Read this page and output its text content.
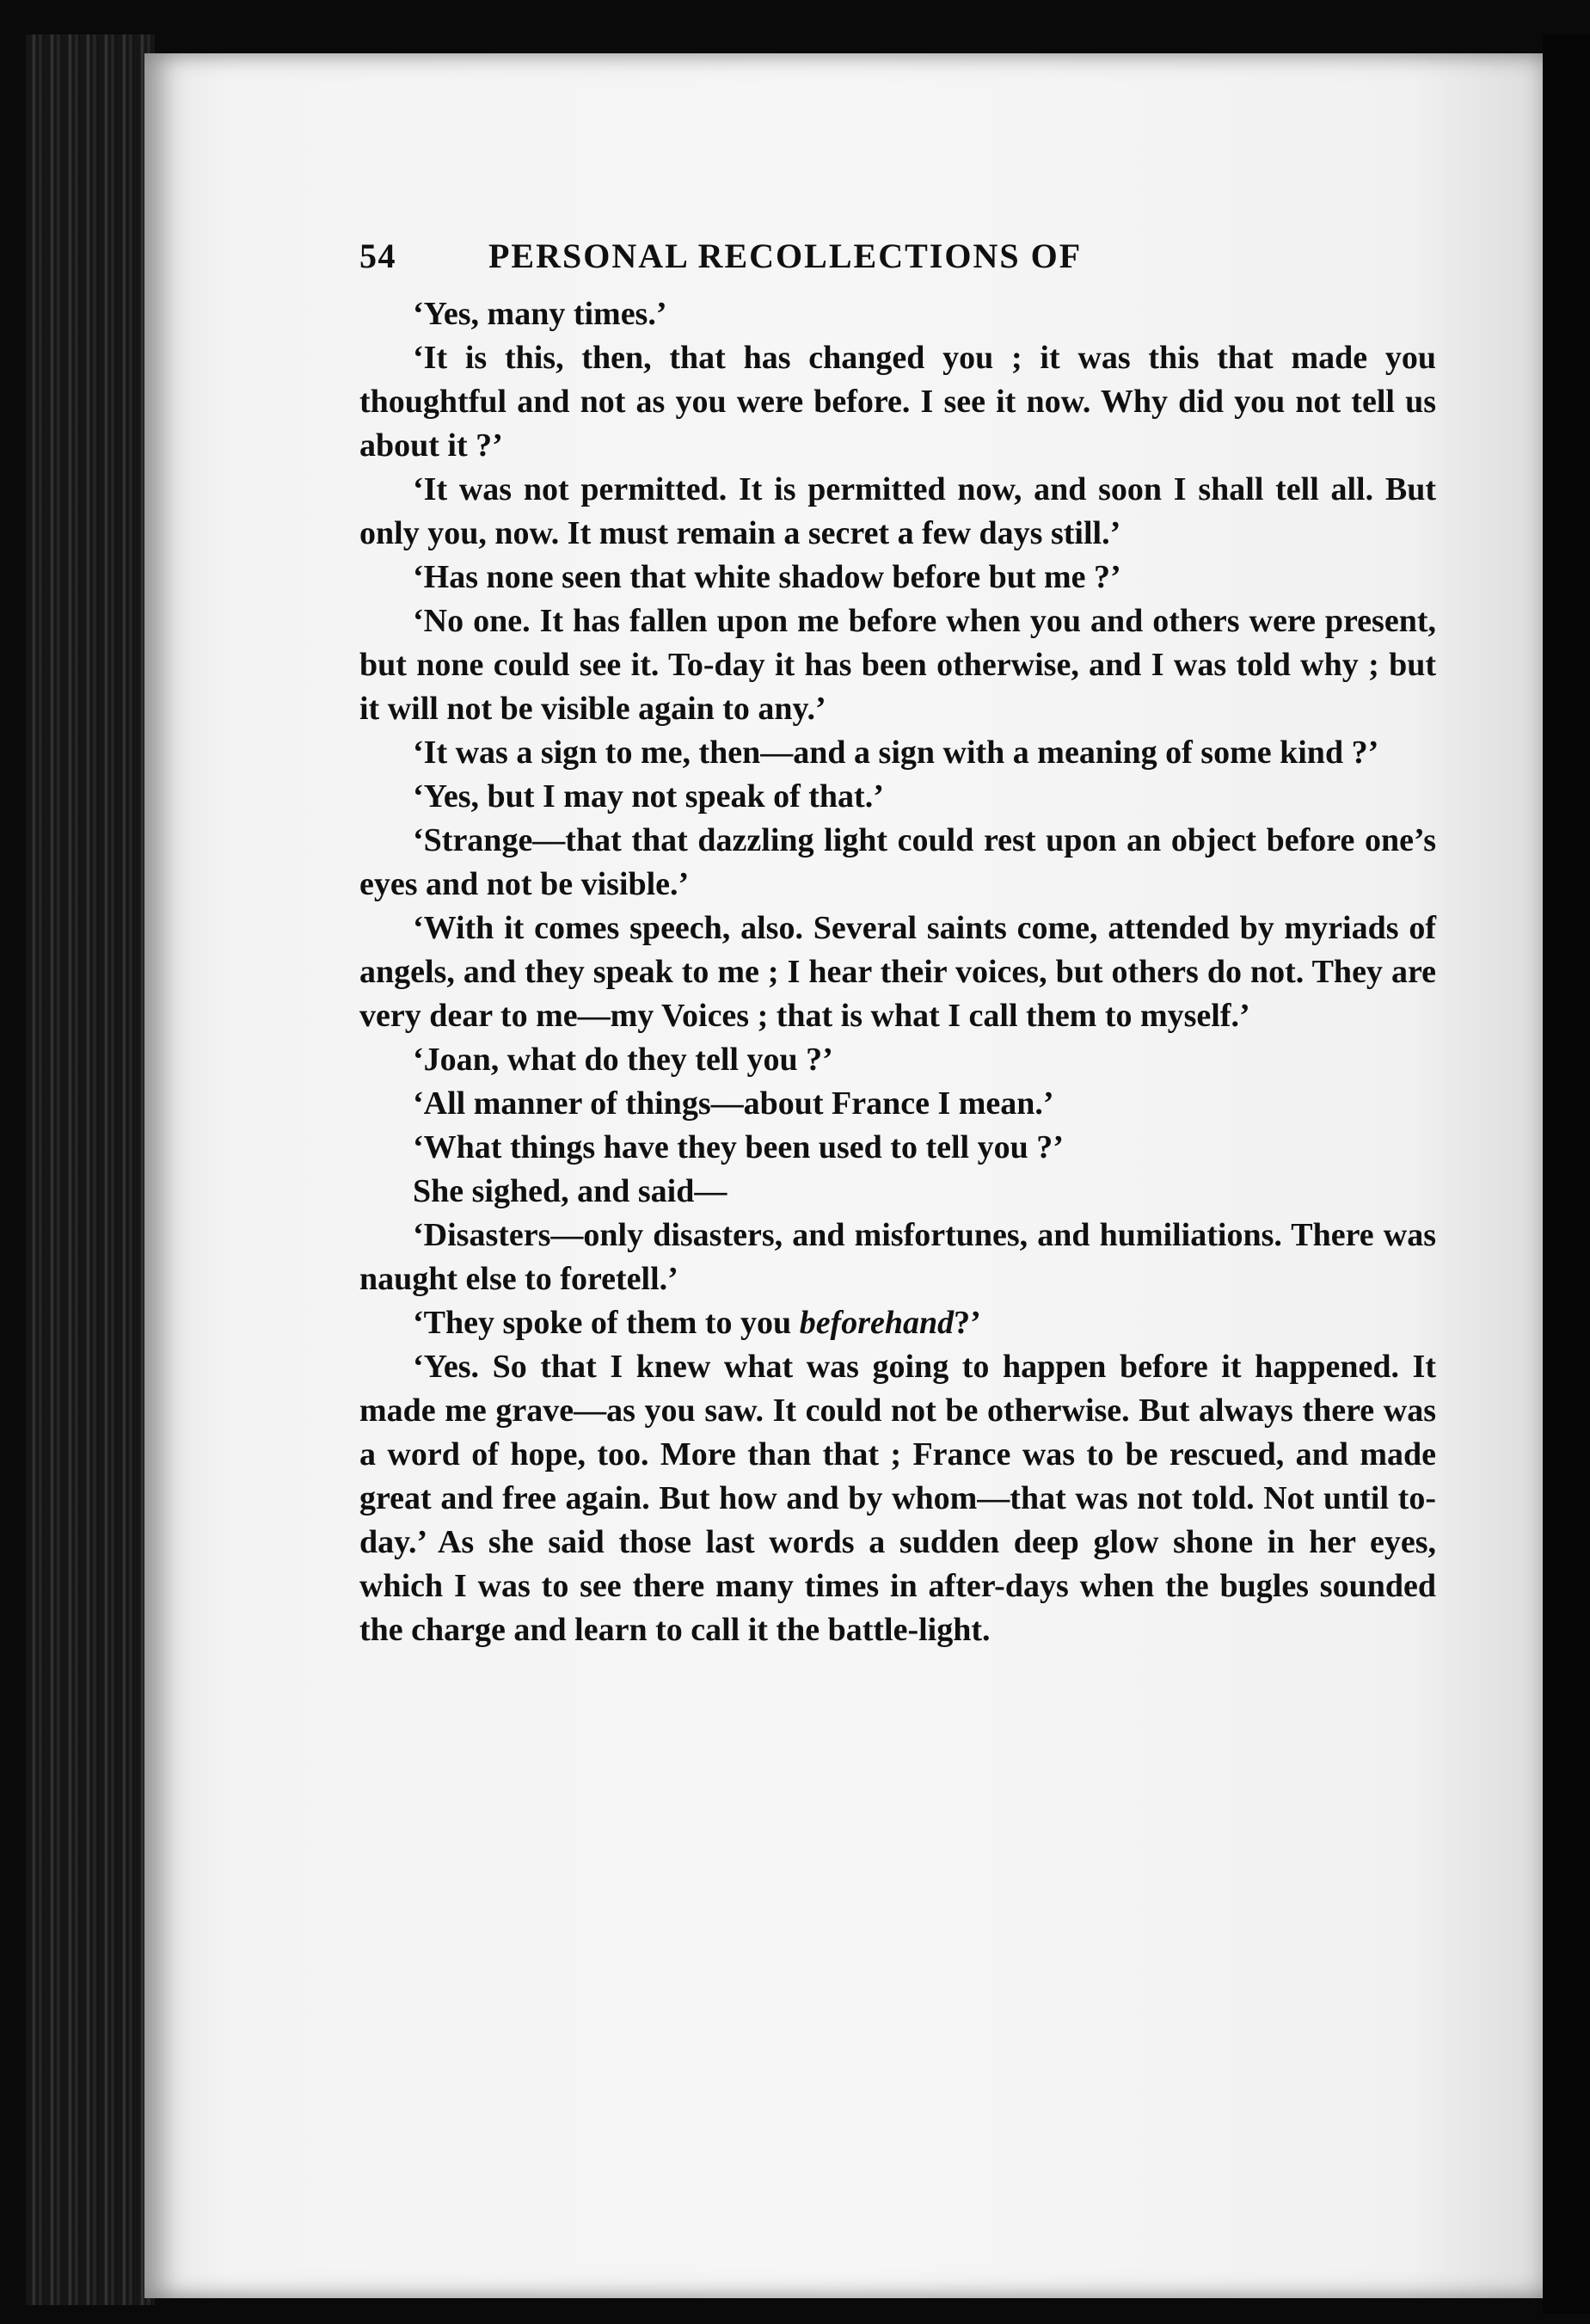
54	PERSONAL RECOLLECTIONS OF

‘Yes, many times.’

‘It is this, then, that has changed you ; it was this that made you thoughtful and not as you were before. I see it now. Why did you not tell us about it ?’

‘It was not permitted. It is permitted now, and soon I shall tell all. But only you, now. It must remain a secret a few days still.’

‘Has none seen that white shadow before but me ?’

‘No one. It has fallen upon me before when you and others were present, but none could see it. To-day it has been otherwise, and I was told why ; but it will not be visible again to any.’

‘It was a sign to me, then—and a sign with a meaning of some kind ?’

‘Yes, but I may not speak of that.’

‘Strange—that that dazzling light could rest upon an object before one’s eyes and not be visible.’

‘With it comes speech, also. Several saints come, attended by myriads of angels, and they speak to me ; I hear their voices, but others do not. They are very dear to me—my Voices ; that is what I call them to myself.’

‘Joan, what do they tell you ?’

‘All manner of things—about France I mean.’

‘What things have they been used to tell you ?’

She sighed, and said—

‘Disasters—only disasters, and misfortunes, and humiliations. There was naught else to foretell.’

‘They spoke of them to you beforehand?’

‘Yes. So that I knew what was going to happen before it happened. It made me grave—as you saw. It could not be otherwise. But always there was a word of hope, too. More than that ; France was to be rescued, and made great and free again. But how and by whom—that was not told. Not until to-day.’ As she said those last words a sudden deep glow shone in her eyes, which I was to see there many times in after-days when the bugles sounded the charge and learn to call it the battle-light.
